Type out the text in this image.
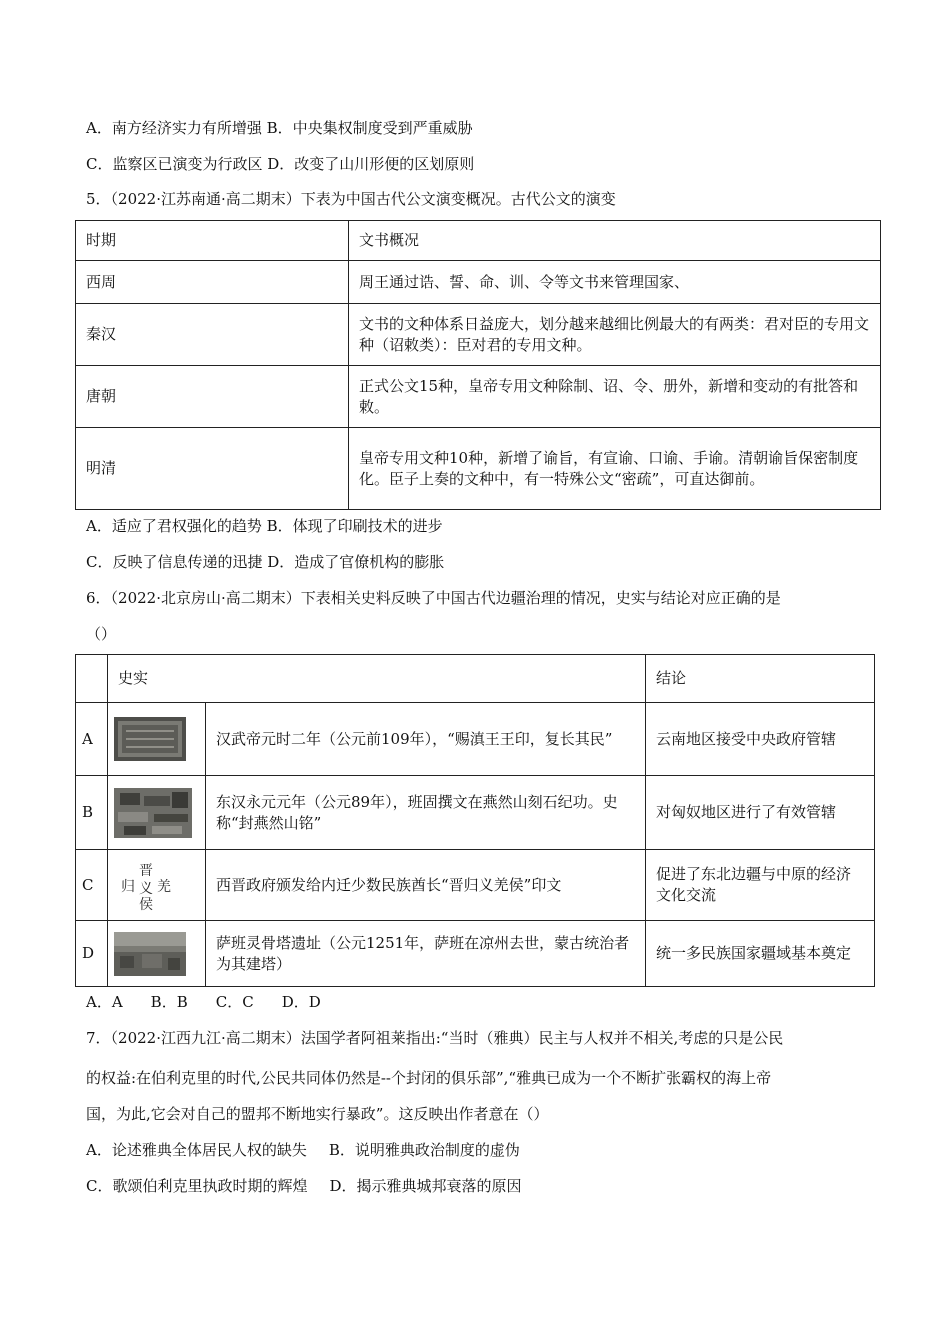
A．南方经济实力有所增强 B．中央集权制度受到严重威胁
C．监察区已演变为行政区 D．改变了山川形便的区划原则
5．（2022·江苏南通·高二期末）下表为中国古代公文演变概况。古代公文的演变
时期	文书概况
西周	周王通过诰、誓、命、训、令等文书来管理国家、
秦汉	文书的文种体系日益庞大，划分越来越细比例最大的有两类：君对臣的专用文种（诏敕类）：臣对君的专用文种。
唐朝	正式公文15种，皇帝专用文种除制、诏、令、册外，新增和变动的有批答和敕。
明清	皇帝专用文种10种，新增了谕旨，有宣谕、口谕、手谕。清朝谕旨保密制度化。臣子上奏的文种中，有一特殊公文“密疏”，可直达御前。
A．适应了君权强化的趋势 B．体现了印刷技术的进步
C．反映了信息传递的迅捷 D．造成了官僚机构的膨胀
6．（2022·北京房山·高二期末）下表相关史料反映了中国古代边疆治理的情况，史实与结论对应正确的是
（）
	史实		结论
A		汉武帝元时二年（公元前109年），“赐滇王王印，复长其民”	云南地区接受中央政府管辖
B		东汉永元元年（公元89年），班固撰文在燕然山刻石纪功。史称“封燕然山铭”	对匈奴地区进行了有效管辖
C	晋
归 义 羌
侯	西晋政府颁发给内迁少数民族酋长“晋归义羌侯”印文	促进了东北边疆与中原的经济文化交流
D		萨班灵骨塔遗址（公元1251年，萨班在凉州去世，蒙古统治者为其建塔）	统一多民族国家疆域基本奠定
A．A B．B C．C D．D
7．（2022·江西九江·高二期末）法国学者阿祖莱指出:“当时（雅典）民主与人权并不相关,考虑的只是公民
的权益:在伯利克里的时代,公民共同体仍然是--个封闭的俱乐部”,“雅典已成为一个不断扩张霸权的海上帝
国，为此,它会对自己的盟邦不断地实行暴政”。这反映出作者意在（）
A．论述雅典全体居民人权的缺失 B．说明雅典政治制度的虚伪
C．歌颂伯利克里执政时期的辉煌 D．揭示雅典城邦衰落的原因
